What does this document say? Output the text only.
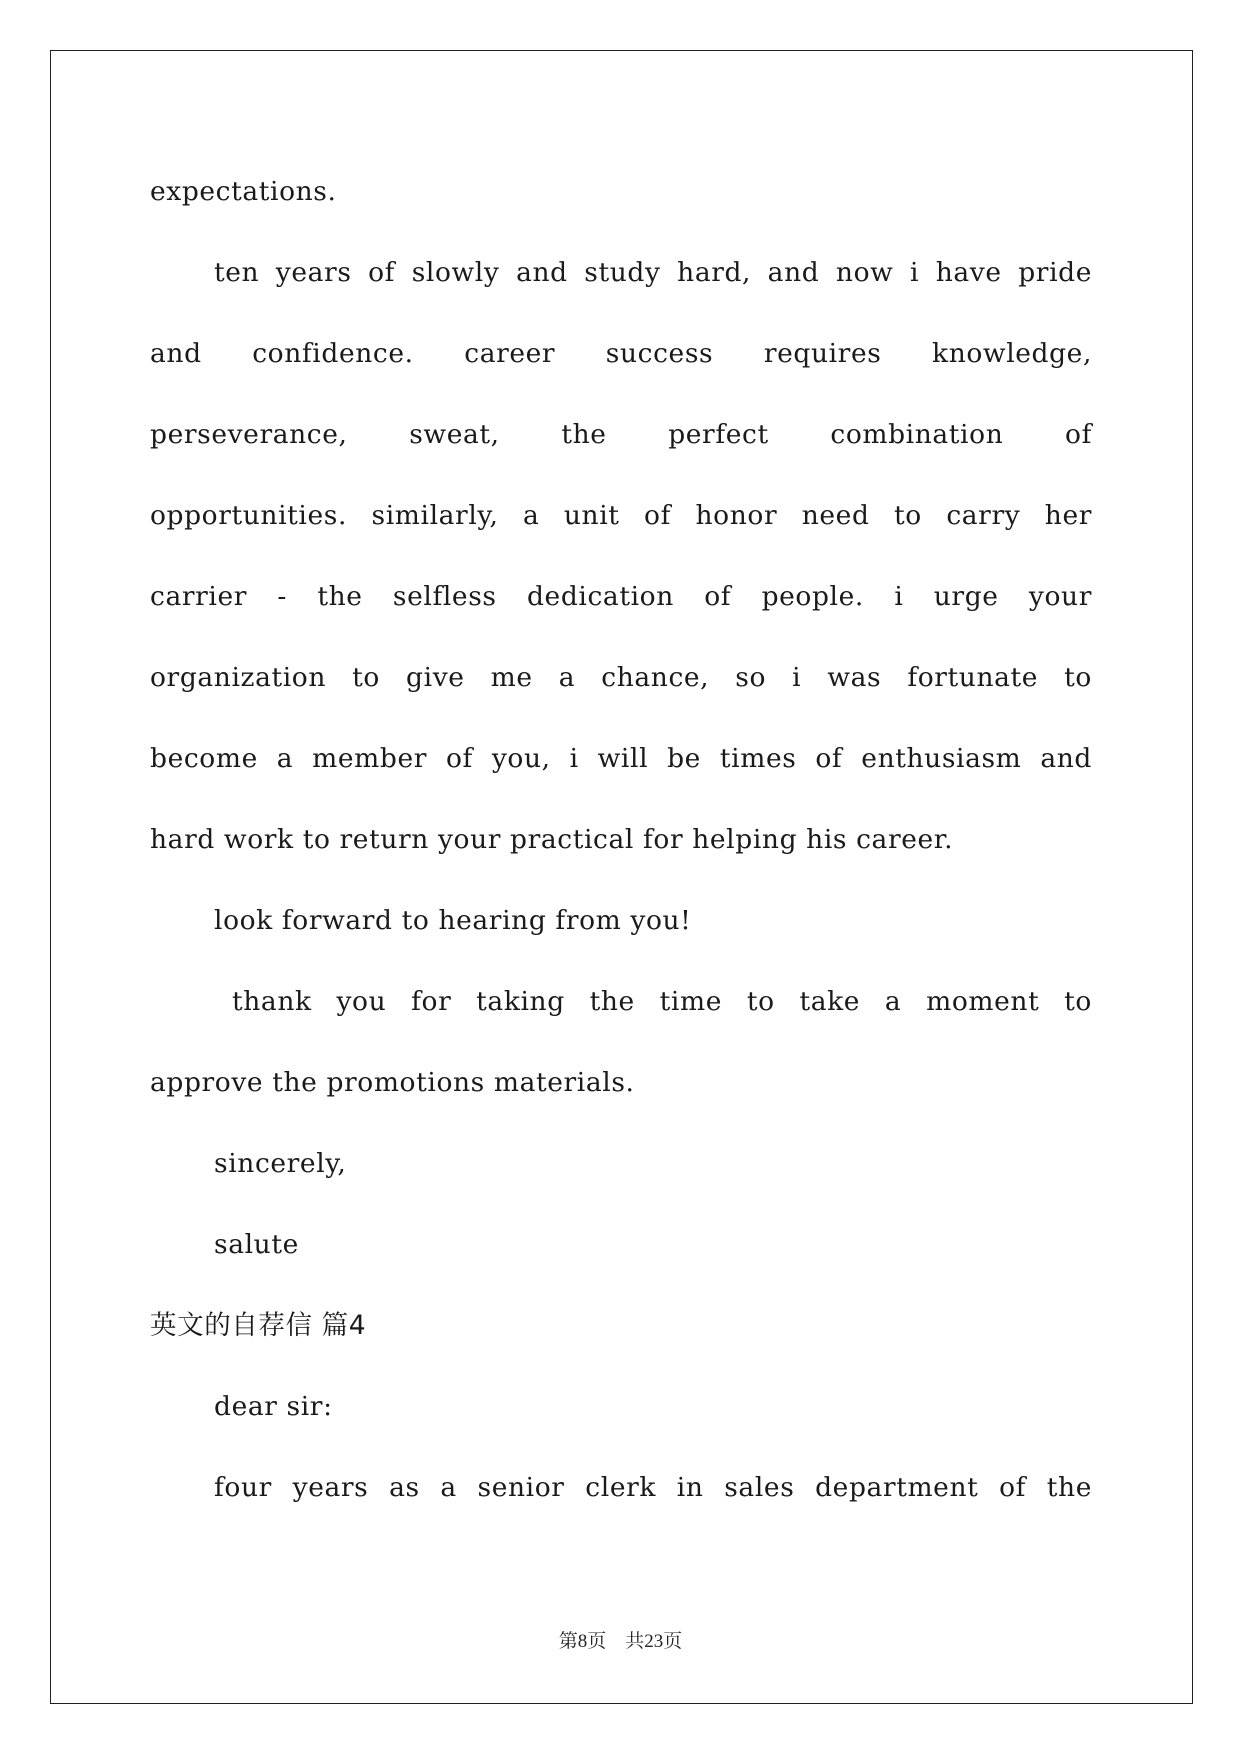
expectations.
ten years of slowly and study hard, and now i have pride
and confidence. career success requires knowledge,
perseverance, sweat, the perfect combination of
opportunities. similarly, a unit of honor need to carry her
carrier - the selfless dedication of people. i urge your
organization to give me a chance, so i was fortunate to
become a member of you, i will be times of enthusiasm and
hard work to return your practical for helping his career.
look forward to hearing from you!
thank you for taking the time to take a moment to
approve the promotions materials.
sincerely,
salute
英文的自荐信 篇4
dear sir:
four years as a senior clerk in sales department of the
第8页　共23页
